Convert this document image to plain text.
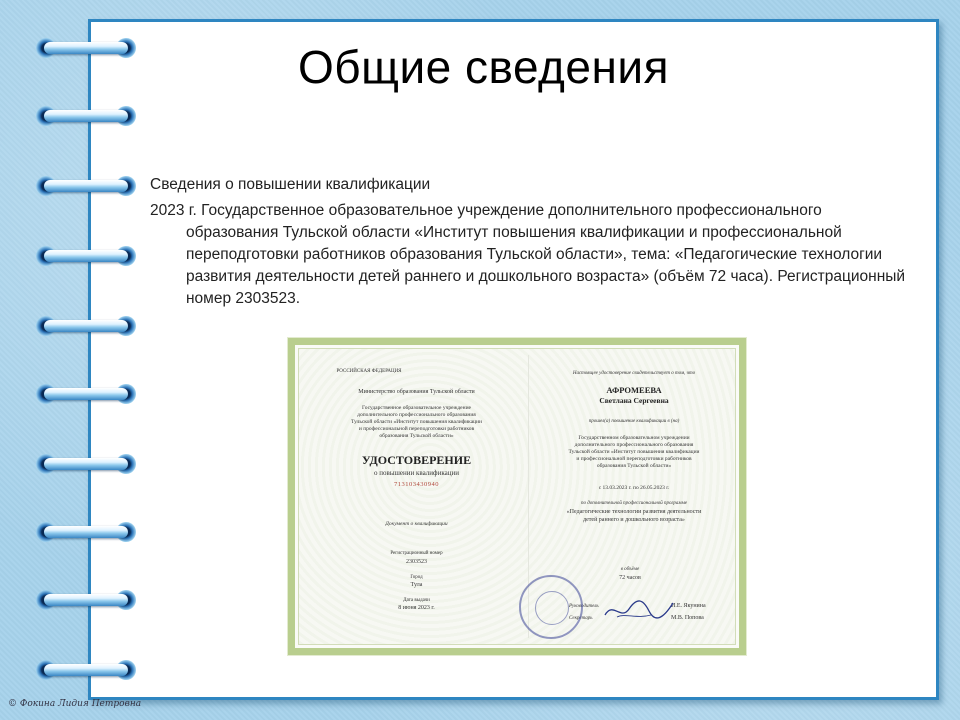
Общие сведения

Сведения о повышении квалификации

2023 г. Государственное образовательное учреждение дополнительного профессионального образования Тульской области «Институт повышения квалификации и профессиональной переподготовки работников образования Тульской области», тема: «Педагогические технологии развития деятельности детей раннего и дошкольного возраста» (объём 72 часа). Регистрационный номер 2303523.

РОССИЙСКАЯ ФЕДЕРАЦИЯ
Министерство образования Тульской области
Государственное образовательное учреждение
дополнительного профессионального образования
Тульской области «Институт повышения квалификации
и профессиональной переподготовки работников
образования Тульской области»
УДОСТОВЕРЕНИЕ
о повышении квалификации
713103430940
Документ о квалификации
Регистрационный номер
2303523
Город
Тула
Дата выдачи
8 июня 2023 г.
Настоящее удостоверение свидетельствует о том, что
АФРОМЕЕВА
Светлана Сергеевна
прошел(а) повышение квалификации в (на)
Государственном образовательном учреждении
дополнительного профессионального образования
Тульской области «Институт повышения квалификации
и профессиональной переподготовки работников
образования Тульской области»
с 13.03.2023 г. по 26.05.2023 г.
по дополнительной профессиональной программе
«Педагогические технологии развития деятельности
детей раннего и дошкольного возраста»
в объёме
72 часов
Руководитель	И.Е. Якунина
Секретарь	М.В. Попова
© Фокина Лидия Петровна
